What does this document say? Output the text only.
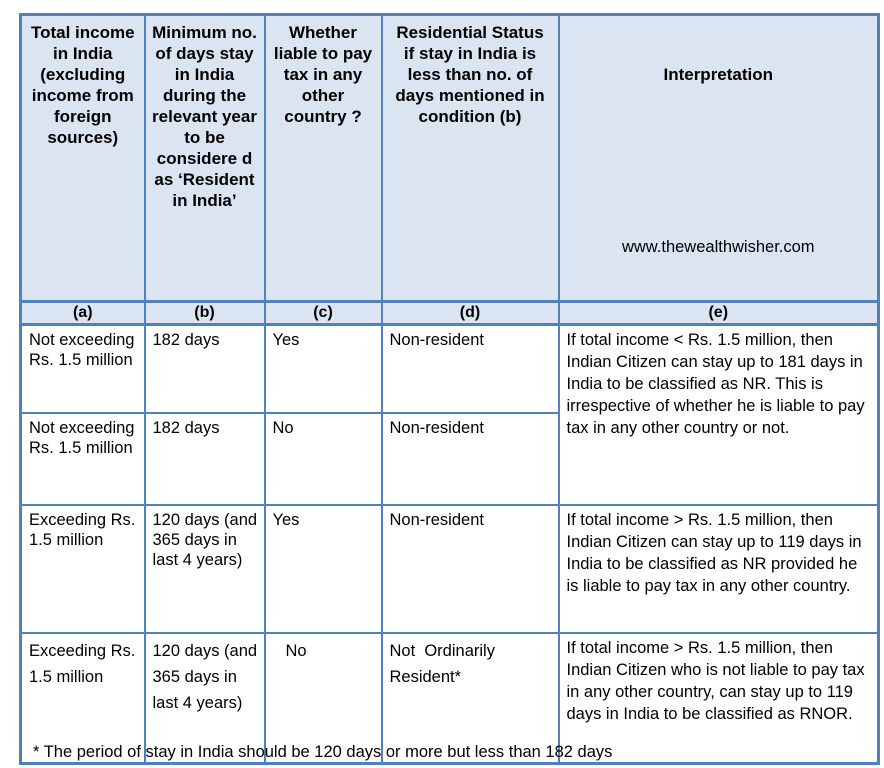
Total income in India (excluding income from foreign sources)	Minimum no. of days stay in India during the relevant year to be considere d as ‘Resident in India’	Whether liable to pay tax in any other country ?	Residential Status  if stay in India is less than no. of days mentioned in condition (b)	Interpretation

www.thewealthwisher.com

(a)	(b)	(c)	(d)	(e)
Not exceeding Rs. 1.5 million	182 days	Yes	Non-resident	If total income < Rs. 1.5 million, then Indian Citizen can stay up to 181 days in India to be classified as NR. This is irrespective of whether he is liable to pay tax in any other country or not.
Not exceeding Rs. 1.5 million	182 days	No	Non-resident	
Exceeding Rs. 1.5 million	120 days (and 365 days in last 4 years)	Yes	Non-resident	If total income > Rs. 1.5 million, then Indian Citizen can stay up to 119 days in India to be classified as NR provided he is liable to pay tax in any other country.
Exceeding Rs. 1.5 million	120 days (and 365 days in last 4 years)	No	Not  Ordinarily Resident*	If total income > Rs. 1.5 million, then Indian Citizen who is not liable to pay tax in any other country, can stay up to 119 days in India to be classified as RNOR.
* The period of stay in India should be 120 days or more but less than 182 days
